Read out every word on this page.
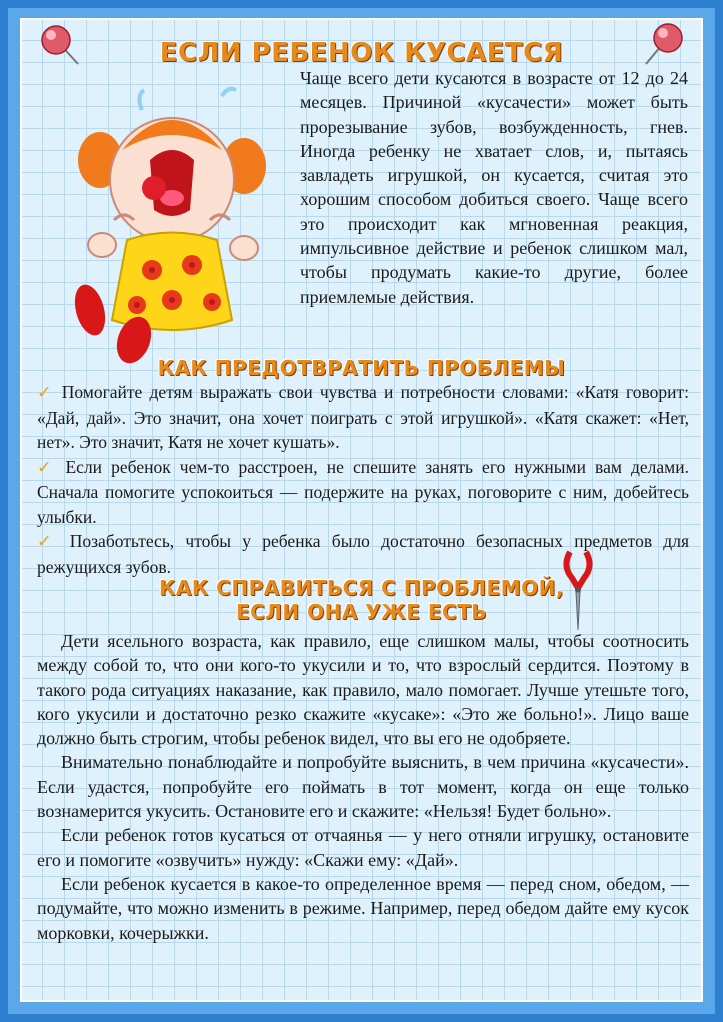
ЕСЛИ РЕБЕНОК КУСАЕТСЯ

Чаще всего дети кусаются в возрасте от 12 до 24 месяцев. Причиной «кусачести» может быть прорезывание зубов, возбужденность, гнев. Иногда ребенку не хватает слов, и, пытаясь завладеть игрушкой, он кусается, считая это хорошим способом добиться своего. Чаще всего это происходит как мгновенная реакция, импульсивное действие и ребенок слишком мал, чтобы продумать какие-то другие, более приемлемые действия.

КАК ПРЕДОТВРАТИТЬ ПРОБЛЕМЫ
✓ Помогайте детям выражать свои чувства и потребности словами: «Катя говорит: «Дай, дай». Это значит, она хочет поиграть с этой игрушкой». «Катя скажет: «Нет, нет». Это значит, Катя не хочет кушать».
✓ Если ребенок чем-то расстроен, не спешите занять его нужными вам делами. Сначала помогите успокоиться — подержите на руках, поговорите с ним, добейтесь улыбки.
✓ Позаботьтесь, чтобы у ребенка было достаточно безопасных предметов для режущихся зубов.
КАК СПРАВИТЬСЯ С ПРОБЛЕМОЙ,
ЕСЛИ ОНА УЖЕ ЕСТЬ

Дети ясельного возраста, как правило, еще слишком малы, чтобы соотносить между собой то, что они кого-то укусили и то, что взрослый сердится. Поэтому в такого рода ситуациях наказание, как правило, мало помогает. Лучше утешьте того, кого укусили и достаточно резко скажите «кусаке»: «Это же больно!». Лицо ваше должно быть строгим, чтобы ребенок видел, что вы его не одобряете.

Внимательно понаблюдайте и попробуйте выяснить, в чем причина «кусачести». Если удастся, попробуйте его поймать в тот момент, когда он еще только вознамерится укусить. Остановите его и скажите: «Нельзя! Будет больно».

Если ребенок готов кусаться от отчаянья — у него отняли игрушку, остановите его и помогите «озвучить» нужду: «Скажи ему: «Дай».

Если ребенок кусается в какое-то определенное время — перед сном, обедом, — подумайте, что можно изменить в режиме. Например, перед обедом дайте ему кусок морковки, кочерыжки.
